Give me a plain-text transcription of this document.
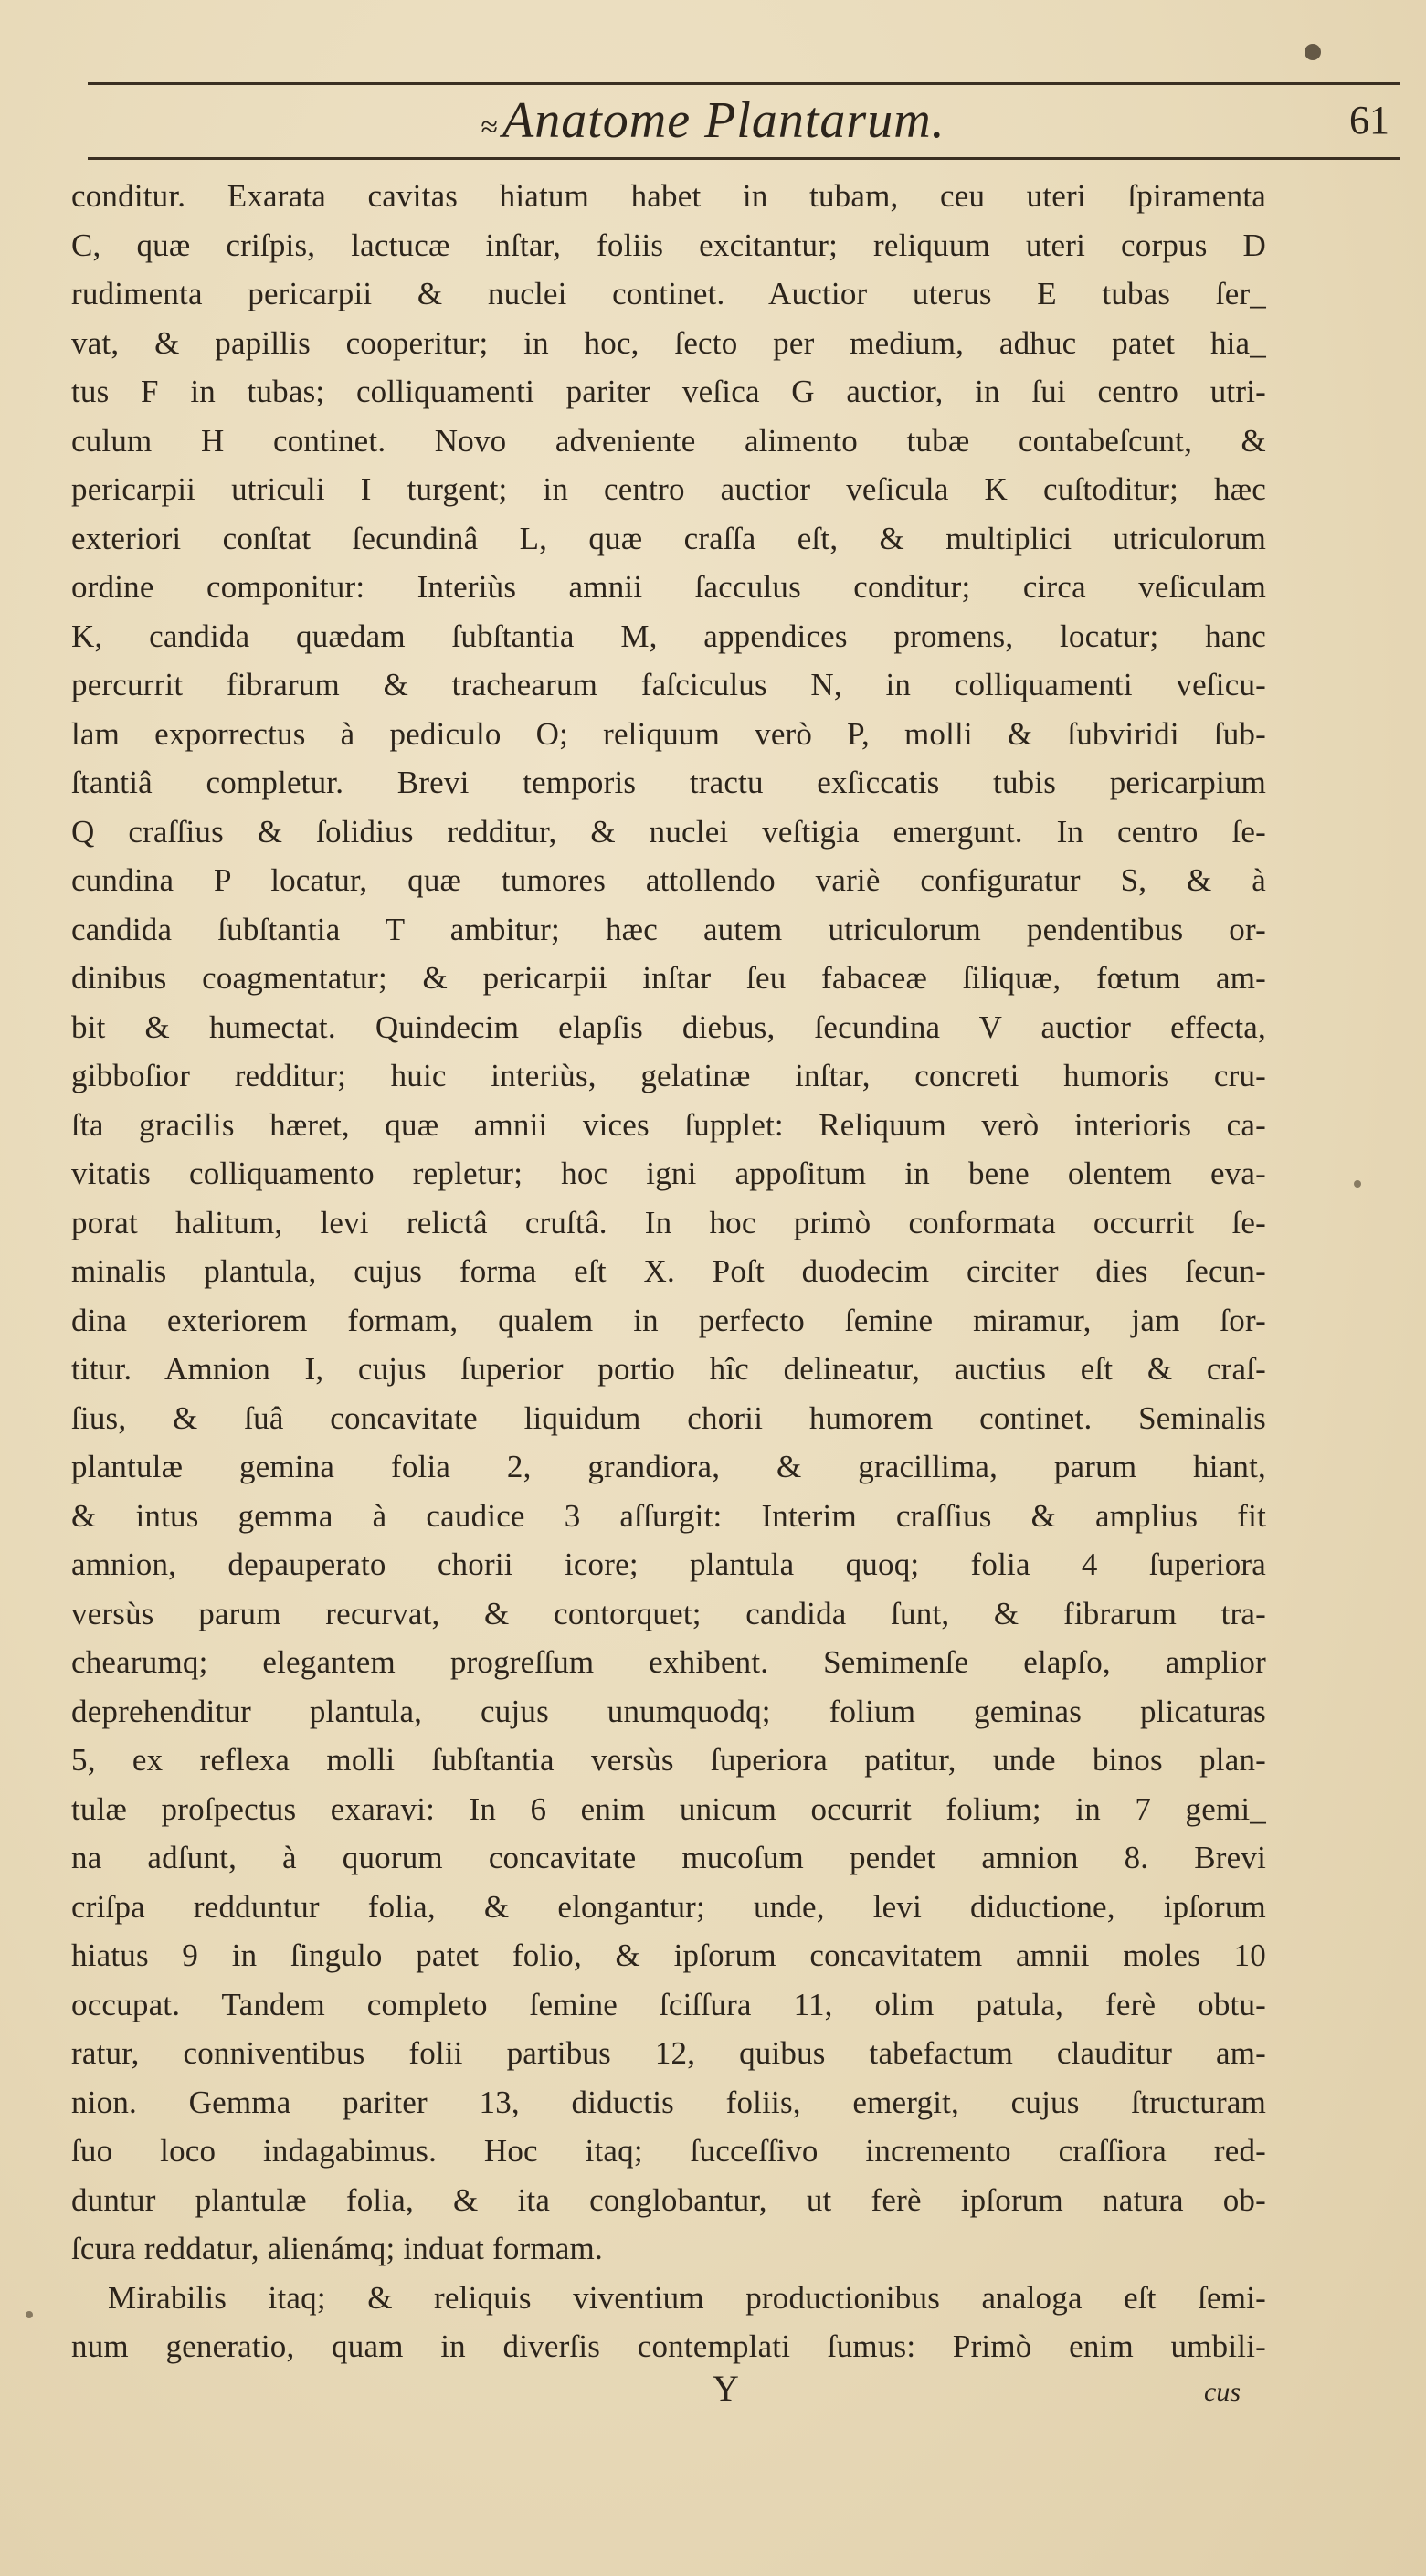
≈Anatome Plantarum.	61
conditur. Exarata cavitas hiatum habet in tubam, ceu uteri ſpiramenta
C, quæ criſpis, lactucæ inſtar, foliis excitantur; reliquum uteri corpus D
rudimenta pericarpii & nuclei continet. Auctior uterus E tubas ſer_
vat, & papillis cooperitur; in hoc, ſecto per medium, adhuc patet hia_
tus F in tubas; colliquamenti pariter veſica G auctior, in ſui centro utri-
culum H continet. Novo adveniente alimento tubæ contabeſcunt, &
pericarpii utriculi I turgent; in centro auctior veſicula K cuſtoditur; hæc
exteriori conſtat ſecundinâ L, quæ craſſa eſt, & multiplici utriculorum
ordine componitur: Interiùs amnii ſacculus conditur; circa veſiculam
K, candida quædam ſubſtantia M, appendices promens, locatur; hanc
percurrit fibrarum & trachearum faſciculus N, in colliquamenti veſicu-
lam exporrectus à pediculo O; reliquum verò P, molli & ſubviridi ſub-
ſtantiâ completur. Brevi temporis tractu exſiccatis tubis pericarpium
Q craſſius & ſolidius redditur, & nuclei veſtigia emergunt. In centro ſe-
cundina P locatur, quæ tumores attollendo variè configuratur S, & à
candida ſubſtantia T ambitur; hæc autem utriculorum pendentibus or-
dinibus coagmentatur; & pericarpii inſtar ſeu fabaceæ ſiliquæ, fœtum am-
bit & humectat. Quindecim elapſis diebus, ſecundina V auctior effecta,
gibboſior redditur; huic interiùs, gelatinæ inſtar, concreti humoris cru-
ſta gracilis hæret, quæ amnii vices ſupplet: Reliquum verò interioris ca-
vitatis colliquamento repletur; hoc igni appoſitum in bene olentem eva-
porat halitum, levi relictâ cruſtâ. In hoc primò conformata occurrit ſe-
minalis plantula, cujus forma eſt X. Poſt duodecim circiter dies ſecun-
dina exteriorem formam, qualem in perfecto ſemine miramur, jam ſor-
titur. Amnion I, cujus ſuperior portio hîc delineatur, auctius eſt & craſ-
ſius, & ſuâ concavitate liquidum chorii humorem continet. Seminalis
plantulæ gemina folia 2, grandiora, & gracillima, parum hiant,
& intus gemma à caudice 3 aſſurgit: Interim craſſius & amplius fit
amnion, depauperato chorii icore; plantula quoq; folia 4 ſuperiora
versùs parum recurvat, & contorquet; candida ſunt, & fibrarum tra-
chearumq; elegantem progreſſum exhibent. Semimenſe elapſo, amplior
deprehenditur plantula, cujus unumquodq; folium geminas plicaturas
5, ex reflexa molli ſubſtantia versùs ſuperiora patitur, unde binos plan-
tulæ proſpectus exaravi: In 6 enim unicum occurrit folium; in 7 gemi_
na adſunt, à quorum concavitate mucoſum pendet amnion 8. Brevi
criſpa redduntur folia, & elongantur; unde, levi diductione, ipſorum
hiatus 9 in ſingulo patet folio, & ipſorum concavitatem amnii moles 10
occupat. Tandem completo ſemine ſciſſura 11, olim patula, ferè obtu-
ratur, conniventibus folii partibus 12, quibus tabefactum clauditur am-
nion. Gemma pariter 13, diductis foliis, emergit, cujus ſtructuram
ſuo loco indagabimus. Hoc itaq; ſucceſſivo incremento craſſiora red-
duntur plantulæ folia, & ita conglobantur, ut ferè ipſorum natura ob-
ſcura reddatur, alienámq; induat formam.
Mirabilis itaq; & reliquis viventium productionibus analoga eſt ſemi-
num generatio, quam in diverſis contemplati ſumus: Primò enim umbili-
Y	cus
